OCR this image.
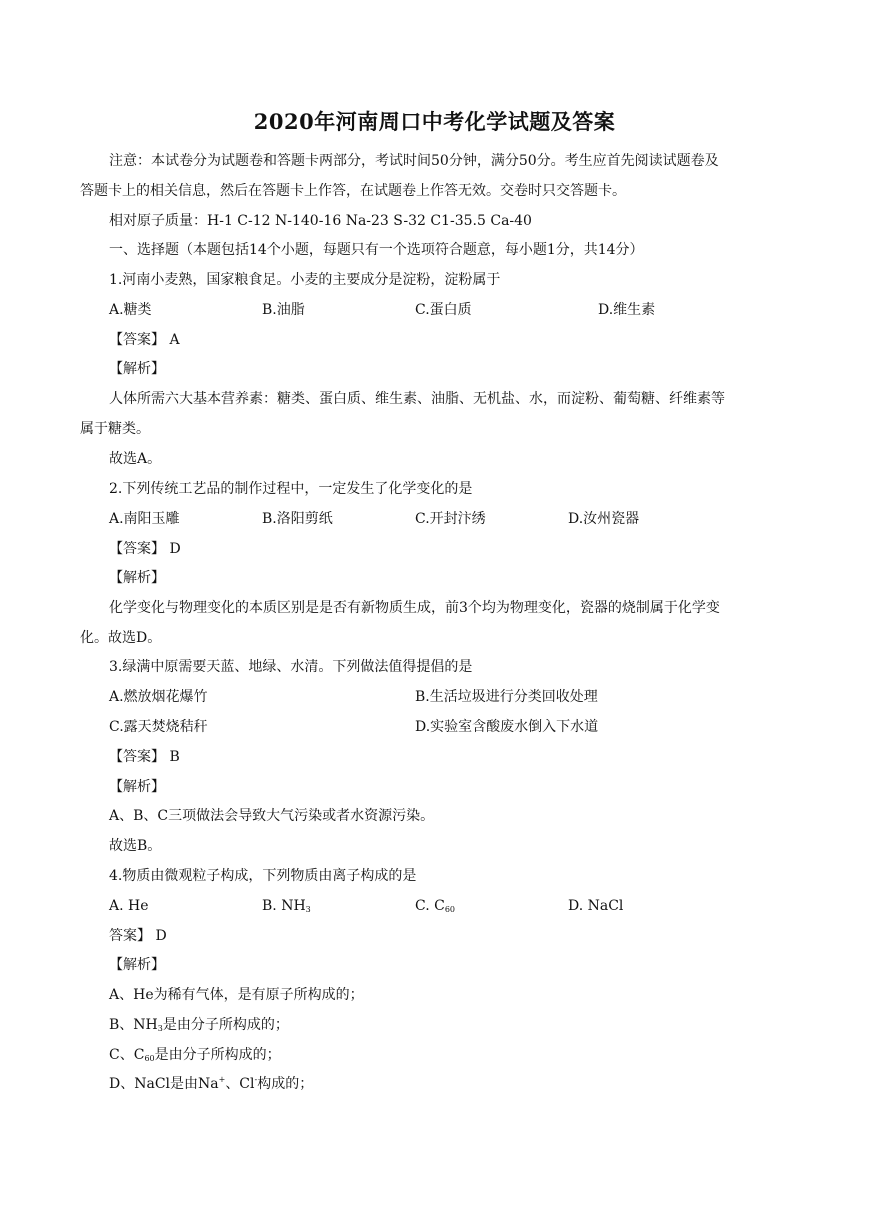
2020年河南周口中考化学试题及答案
注意：本试卷分为试题卷和答题卡两部分，考试时间50分钟，满分50分。考生应首先阅读试题卷及
答题卡上的相关信息，然后在答题卡上作答，在试题卷上作答无效。交卷时只交答题卡。
相对原子质量：H-1 C-12 N-140-16 Na-23 S-32 C1-35.5 Ca-40
一、选择题（本题包括14个小题，每题只有一个选项符合题意，每小题1分，共14分）
1.河南小麦熟，国家粮食足。小麦的主要成分是淀粉，淀粉属于
A.糖类	B.油脂	C.蛋白质	D.维生素
【答案】 A
【解析】
人体所需六大基本营养素：糖类、蛋白质、维生素、油脂、无机盐、水，而淀粉、葡萄糖、纤维素等
属于糖类。
故选A。
2.下列传统工艺品的制作过程中，一定发生了化学变化的是
A.南阳玉雕	B.洛阳剪纸	C.开封汴绣	D.汝州瓷器
【答案】 D
【解析】
化学变化与物理变化的本质区别是是否有新物质生成，前3个均为物理变化，瓷器的烧制属于化学变
化。故选D。
3.绿满中原需要天蓝、地绿、水清。下列做法值得提倡的是
A.燃放烟花爆竹	B.生活垃圾进行分类回收处理
C.露天焚烧秸秆	D.实验室含酸废水倒入下水道
【答案】 B
【解析】
A、B、C三项做法会导致大气污染或者水资源污染。
故选B。
4.物质由微观粒子构成，下列物质由离子构成的是
A. He	B. $NH_3$	C. $C_{60}$	D. NaCl
答案】 D
【解析】
A、He为稀有气体，是有原子所构成的；
B、$NH_3$是由分子所构成的；
C、$C_{60}$是由分子所构成的；
D、NaCl是由Na+、Cl-构成的；
